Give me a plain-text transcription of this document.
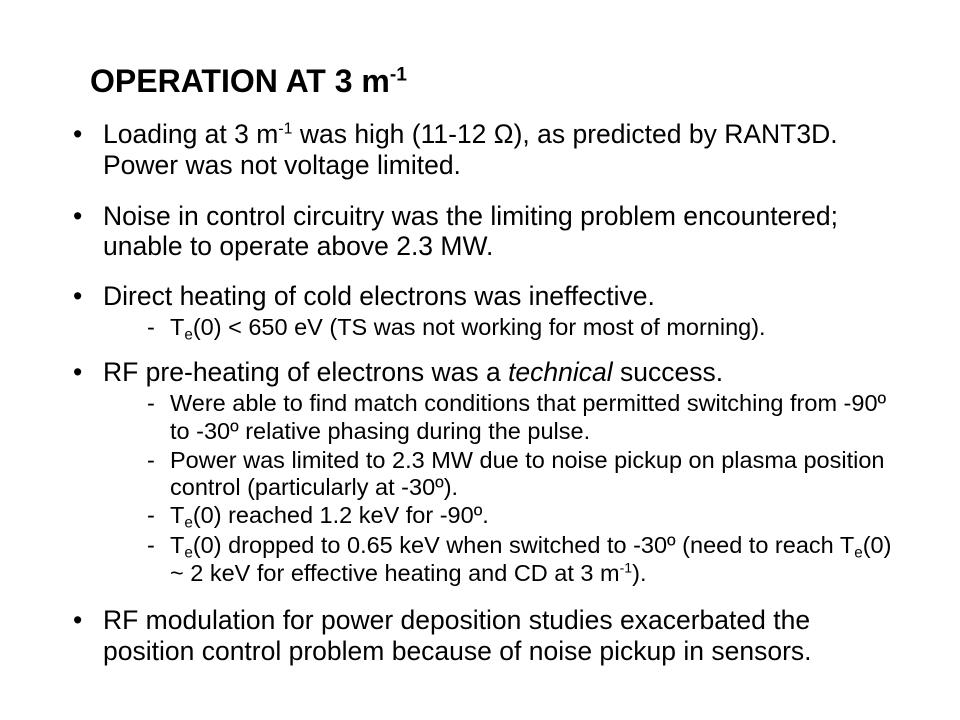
OPERATION AT 3 $m^{-1}$
• Loading at 3 $m^{-1}$ was high (11-12 Ω), as predicted by RANT3D.
Power was not voltage limited.
• Noise in control circuitry was the limiting problem encountered;
unable to operate above 2.3 MW.
• Direct heating of cold electrons was ineffective.
- Te(0) < 650 eV (TS was not working for most of morning).
• RF pre-heating of electrons was a technical success.
- Were able to find match conditions that permitted switching from -90º
to -30º relative phasing during the pulse.
- Power was limited to 2.3 MW due to noise pickup on plasma position
control (particularly at -30º).
- Te(0) reached 1.2 keV for -90º.
- Te(0) dropped to 0.65 keV when switched to -30º (need to reach Te(0)
~ 2 keV for effective heating and CD at 3 $m^{-1}$).
• RF modulation for power deposition studies exacerbated the
position control problem because of noise pickup in sensors.
